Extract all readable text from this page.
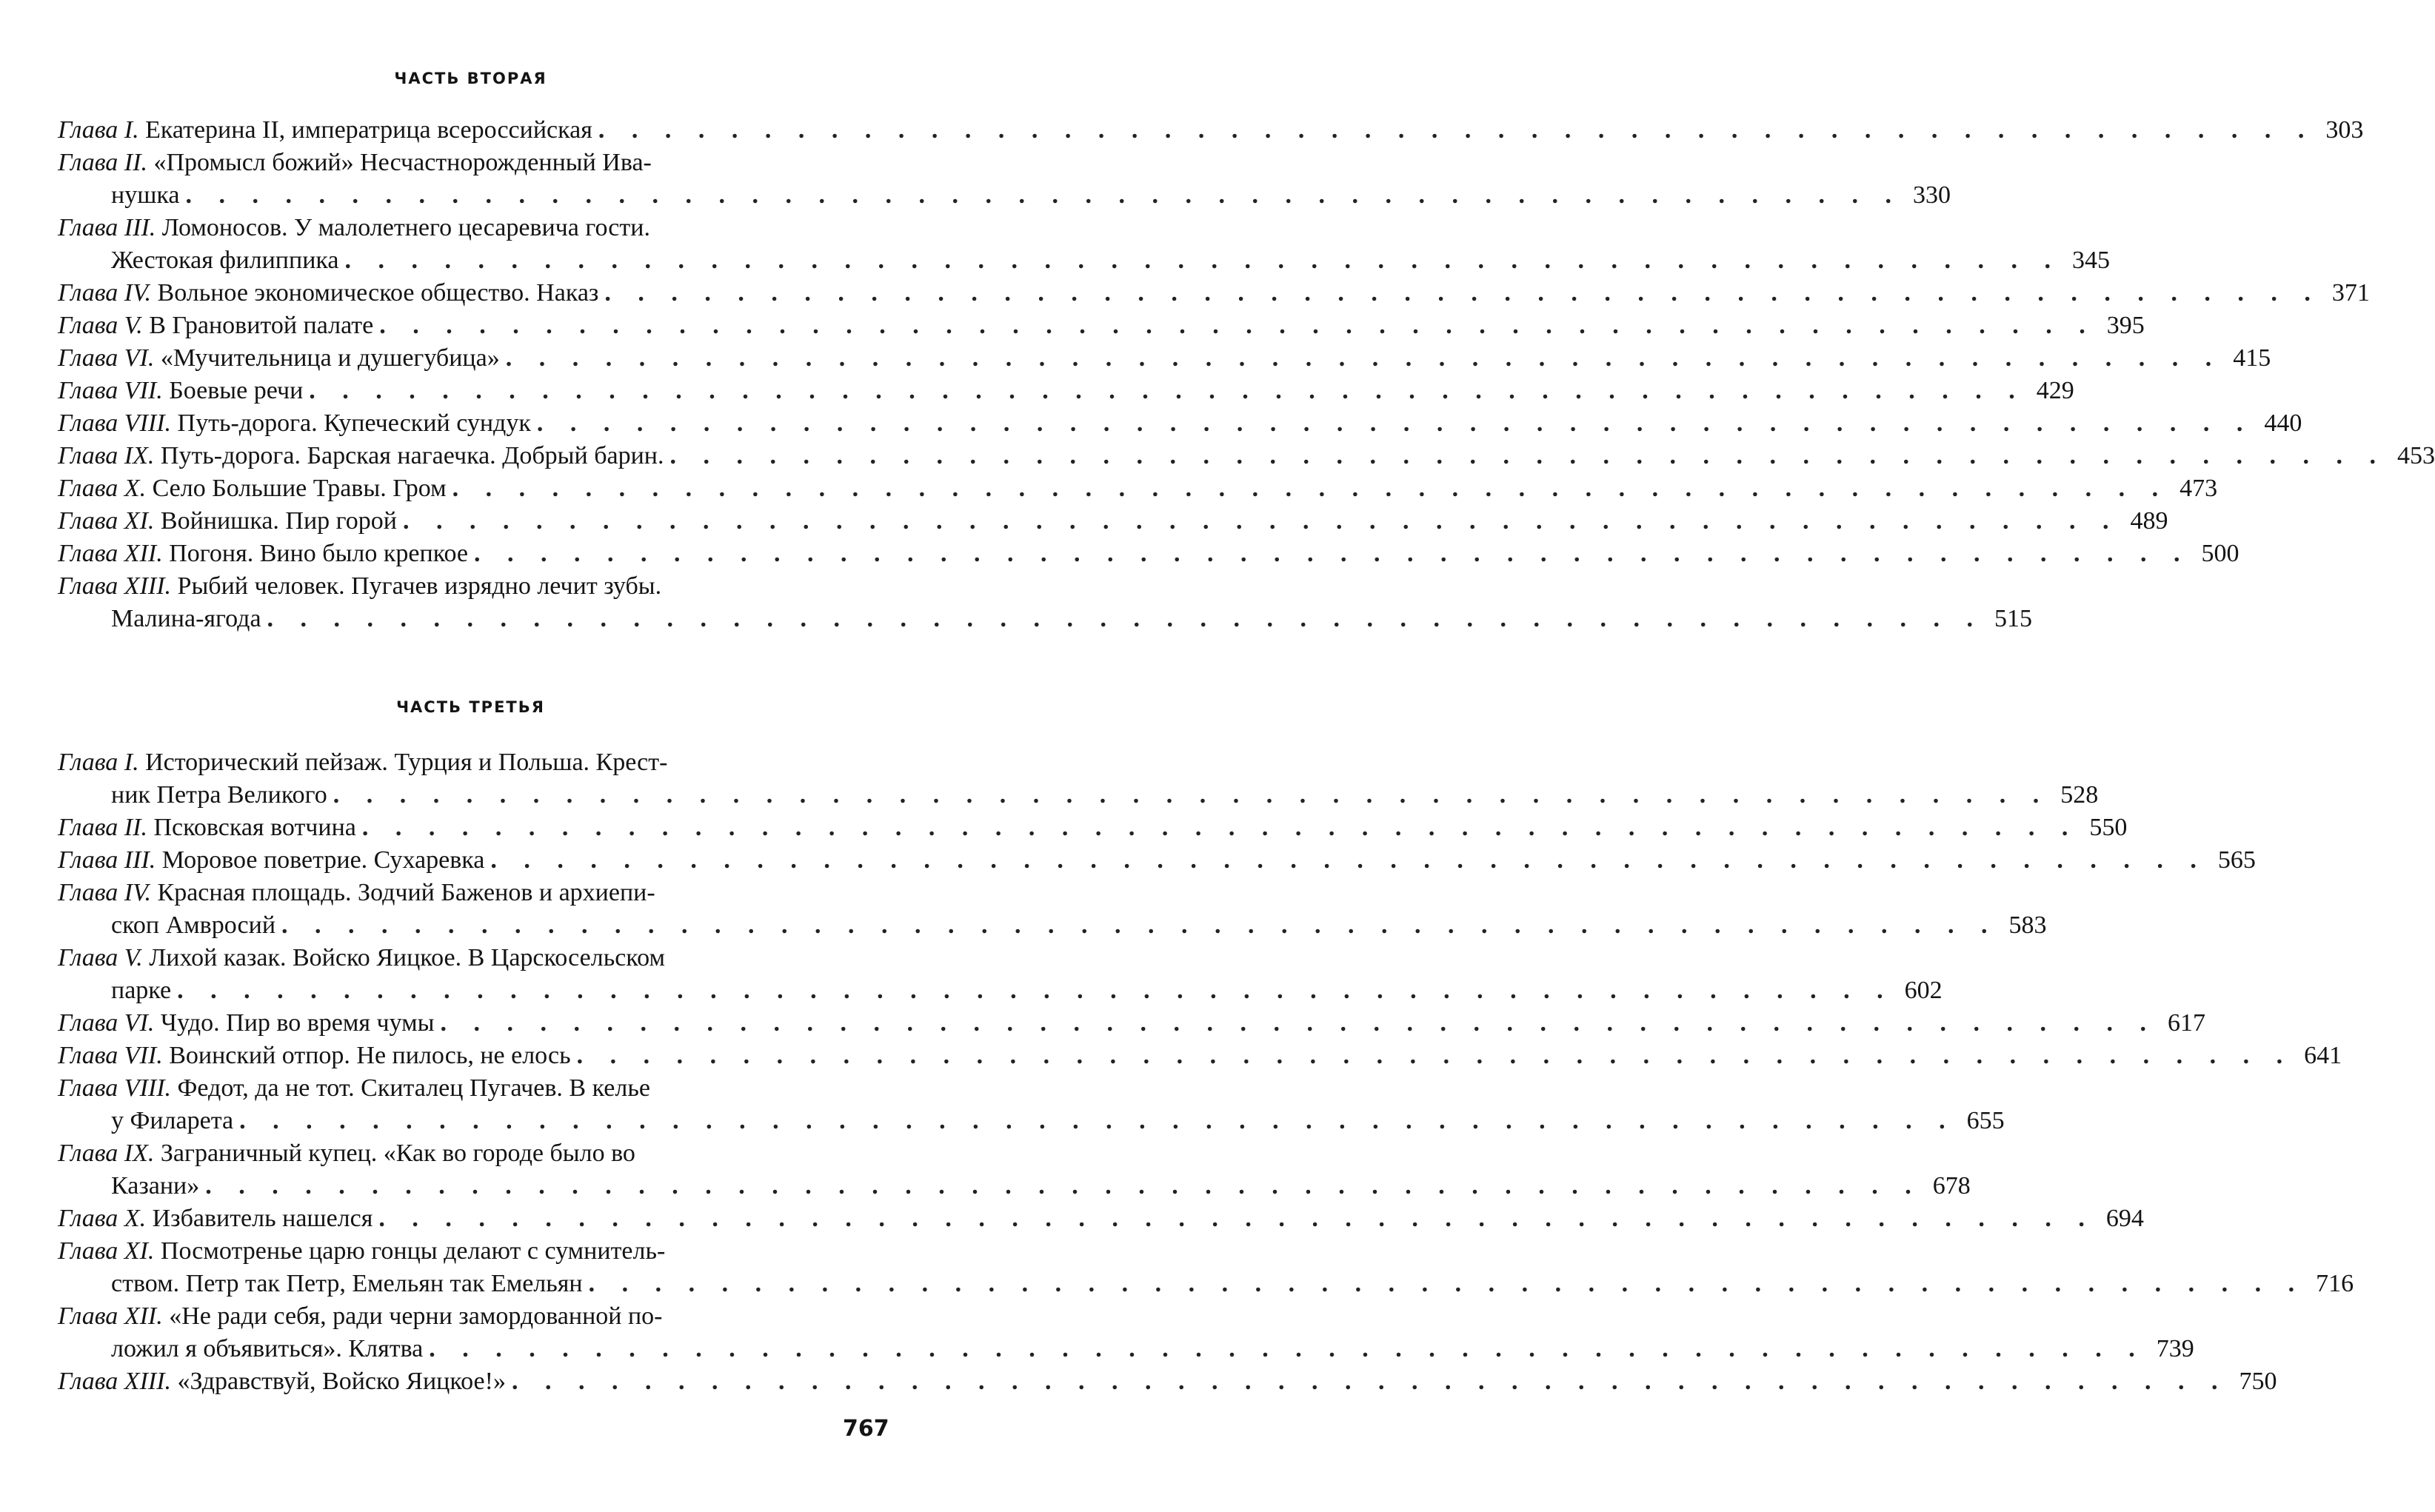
ЧАСТЬ ВТОРАЯ
Глава I. Екатерина II, императрица всероссийская . . . . . . . . . . . . . . . . . . . . . . . . . . . . . . . . . . . . . . . . . . . . . . . . . . . . 303
Глава II. «Промысл божий» Несчастнорожденный Ива-
нушка . . . . . . . . . . . . . . . . . . . . . . . . . . . . . . . . . . . . . . . . . . . . . . . . . . . . 330
Глава III. Ломоносов. У малолетнего цесаревича гости.
Жестокая филиппика . . . . . . . . . . . . . . . . . . . . . . . . . . . . . . . . . . . . . . . . . . . . . . . . . . . . 345
Глава IV. Вольное экономическое общество. Наказ . . . . . . . . . . . . . . . . . . . . . . . . . . . . . . . . . . . . . . . . . . . . . . . . . . . . 371
Глава V. В Грановитой палате . . . . . . . . . . . . . . . . . . . . . . . . . . . . . . . . . . . . . . . . . . . . . . . . . . . . 395
Глава VI. «Мучительница и душегубица» . . . . . . . . . . . . . . . . . . . . . . . . . . . . . . . . . . . . . . . . . . . . . . . . . . . . 415
Глава VII. Боевые речи . . . . . . . . . . . . . . . . . . . . . . . . . . . . . . . . . . . . . . . . . . . . . . . . . . . . 429
Глава VIII. Путь-дорога. Купеческий сундук . . . . . . . . . . . . . . . . . . . . . . . . . . . . . . . . . . . . . . . . . . . . . . . . . . . . 440
Глава IX. Путь-дорога. Барская нагаечка. Добрый барин. . . . . . . . . . . . . . . . . . . . . . . . . . . . . . . . . . . . . . . . . . . . . . . . . . . . . 453
Глава X. Село Большие Травы. Гром . . . . . . . . . . . . . . . . . . . . . . . . . . . . . . . . . . . . . . . . . . . . . . . . . . . . 473
Глава XI. Войнишка. Пир горой . . . . . . . . . . . . . . . . . . . . . . . . . . . . . . . . . . . . . . . . . . . . . . . . . . . . 489
Глава XII. Погоня. Вино было крепкое . . . . . . . . . . . . . . . . . . . . . . . . . . . . . . . . . . . . . . . . . . . . . . . . . . . . 500
Глава XIII. Рыбий человек. Пугачев изрядно лечит зубы.
Малина-ягода . . . . . . . . . . . . . . . . . . . . . . . . . . . . . . . . . . . . . . . . . . . . . . . . . . . . 515
ЧАСТЬ ТРЕТЬЯ
Глава I. Исторический пейзаж. Турция и Польша. Крест-
ник Петра Великого . . . . . . . . . . . . . . . . . . . . . . . . . . . . . . . . . . . . . . . . . . . . . . . . . . . . 528
Глава II. Псковская вотчина . . . . . . . . . . . . . . . . . . . . . . . . . . . . . . . . . . . . . . . . . . . . . . . . . . . . 550
Глава III. Моровое поветрие. Сухаревка . . . . . . . . . . . . . . . . . . . . . . . . . . . . . . . . . . . . . . . . . . . . . . . . . . . . 565
Глава IV. Красная площадь. Зодчий Баженов и архиепи-
скоп Амвросий . . . . . . . . . . . . . . . . . . . . . . . . . . . . . . . . . . . . . . . . . . . . . . . . . . . . 583
Глава V. Лихой казак. Войско Яицкое. В Царскосельском
парке . . . . . . . . . . . . . . . . . . . . . . . . . . . . . . . . . . . . . . . . . . . . . . . . . . . . 602
Глава VI. Чудо. Пир во время чумы . . . . . . . . . . . . . . . . . . . . . . . . . . . . . . . . . . . . . . . . . . . . . . . . . . . . 617
Глава VII. Воинский отпор. Не пилось, не елось . . . . . . . . . . . . . . . . . . . . . . . . . . . . . . . . . . . . . . . . . . . . . . . . . . . . 641
Глава VIII. Федот, да не тот. Скиталец Пугачев. В келье
у Филарета . . . . . . . . . . . . . . . . . . . . . . . . . . . . . . . . . . . . . . . . . . . . . . . . . . . . 655
Глава IX. Заграничный купец. «Как во городе было во
Казани» . . . . . . . . . . . . . . . . . . . . . . . . . . . . . . . . . . . . . . . . . . . . . . . . . . . . 678
Глава X. Избавитель нашелся . . . . . . . . . . . . . . . . . . . . . . . . . . . . . . . . . . . . . . . . . . . . . . . . . . . . 694
Глава XI. Посмотренье царю гонцы делают с сумнитель-
ством. Петр так Петр, Емельян так Емельян . . . . . . . . . . . . . . . . . . . . . . . . . . . . . . . . . . . . . . . . . . . . . . . . . . . . 716
Глава XII. «Не ради себя, ради черни замордованной по-
ложил я объявиться». Клятва . . . . . . . . . . . . . . . . . . . . . . . . . . . . . . . . . . . . . . . . . . . . . . . . . . . . 739
Глава XIII. «Здравствуй, Войско Яицкое!» . . . . . . . . . . . . . . . . . . . . . . . . . . . . . . . . . . . . . . . . . . . . . . . . . . . . 750
767
